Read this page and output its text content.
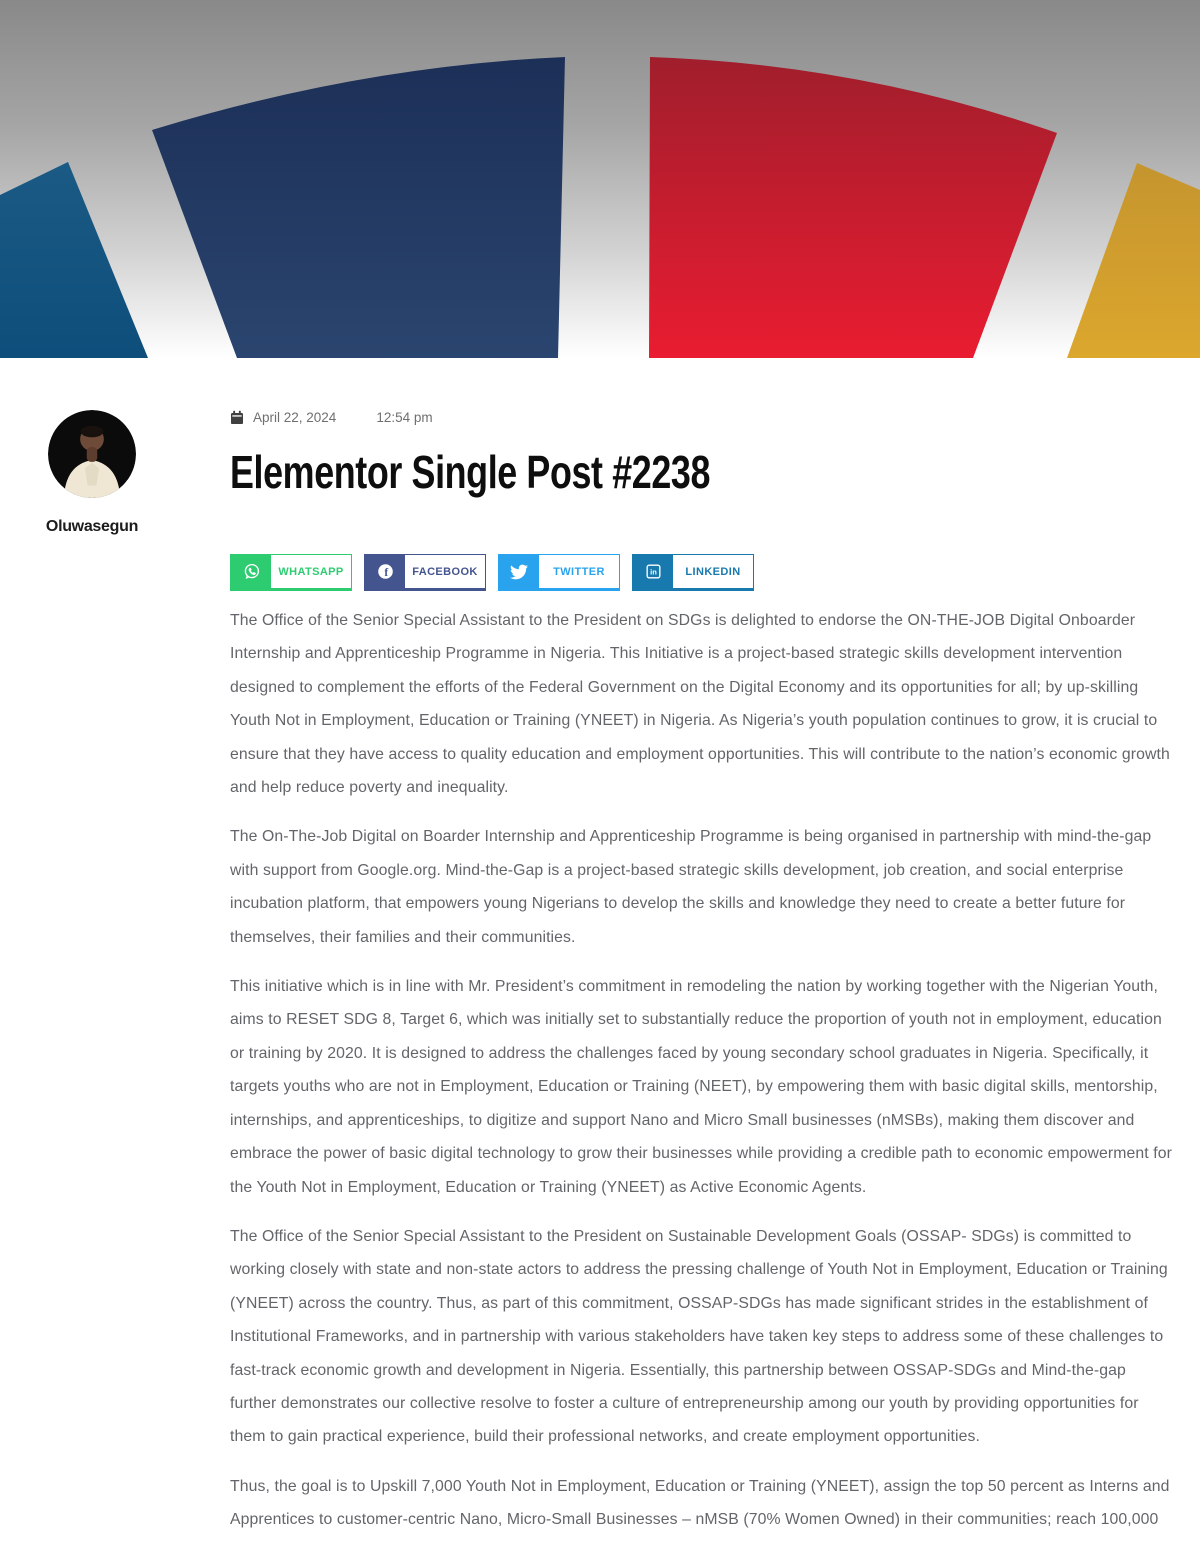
Oluwasegun
April 22, 2024	12:54 pm
Elementor Single Post #2238
WHATSAPP	f	FACEBOOK	TWITTER	in	LINKEDIN

The Office of the Senior Special Assistant to the President on SDGs is delighted to endorse the ON-THE-JOB Digital Onboarder Internship and Apprenticeship Programme in Nigeria. This Initiative is a project-based strategic skills development intervention designed to complement the efforts of the Federal Government on the Digital Economy and its opportunities for all; by up-skilling Youth Not in Employment, Education or Training (YNEET) in Nigeria. As Nigeria’s youth population continues to grow, it is crucial to ensure that they have access to quality education and employment opportunities. This will contribute to the nation’s economic growth and help reduce poverty and inequality.

The On-The-Job Digital on Boarder Internship and Apprenticeship Programme is being organised in partnership with mind-the-gap with support from Google.org. Mind-the-Gap is a project-based strategic skills development, job creation, and social enterprise incubation platform, that empowers young Nigerians to develop the skills and knowledge they need to create a better future for themselves, their families and their communities.

This initiative which is in line with Mr. President’s commitment in remodeling the nation by working together with the Nigerian Youth, aims to RESET SDG 8, Target 6, which was initially set to substantially reduce the proportion of youth not in employment, education or training by 2020. It is designed to address the challenges faced by young secondary school graduates in Nigeria. Specifically, it targets youths who are not in Employment, Education or Training (NEET), by empowering them with basic digital skills, mentorship, internships, and apprenticeships, to digitize and support Nano and Micro Small businesses (nMSBs), making them discover and embrace the power of basic digital technology to grow their businesses while providing a credible path to economic empowerment for the Youth Not in Employment, Education or Training (YNEET) as Active Economic Agents.

The Office of the Senior Special Assistant to the President on Sustainable Development Goals (OSSAP- SDGs) is committed to working closely with state and non-state actors to address the pressing challenge of Youth Not in Employment, Education or Training (YNEET) across the country. Thus, as part of this commitment, OSSAP-SDGs has made significant strides in the establishment of Institutional Frameworks, and in partnership with various stakeholders have taken key steps to address some of these challenges to fast-track economic growth and development in Nigeria. Essentially, this partnership between OSSAP-SDGs and Mind-the-gap further demonstrates our collective resolve to foster a culture of entrepreneurship among our youth by providing opportunities for them to gain practical experience, build their professional networks, and create employment opportunities.

Thus, the goal is to Upskill 7,000 Youth Not in Employment, Education or Training (YNEET), assign the top 50 percent as Interns and Apprentices to customer-centric Nano, Micro-Small Businesses – nMSB (70% Women Owned) in their communities; reach 100,000
